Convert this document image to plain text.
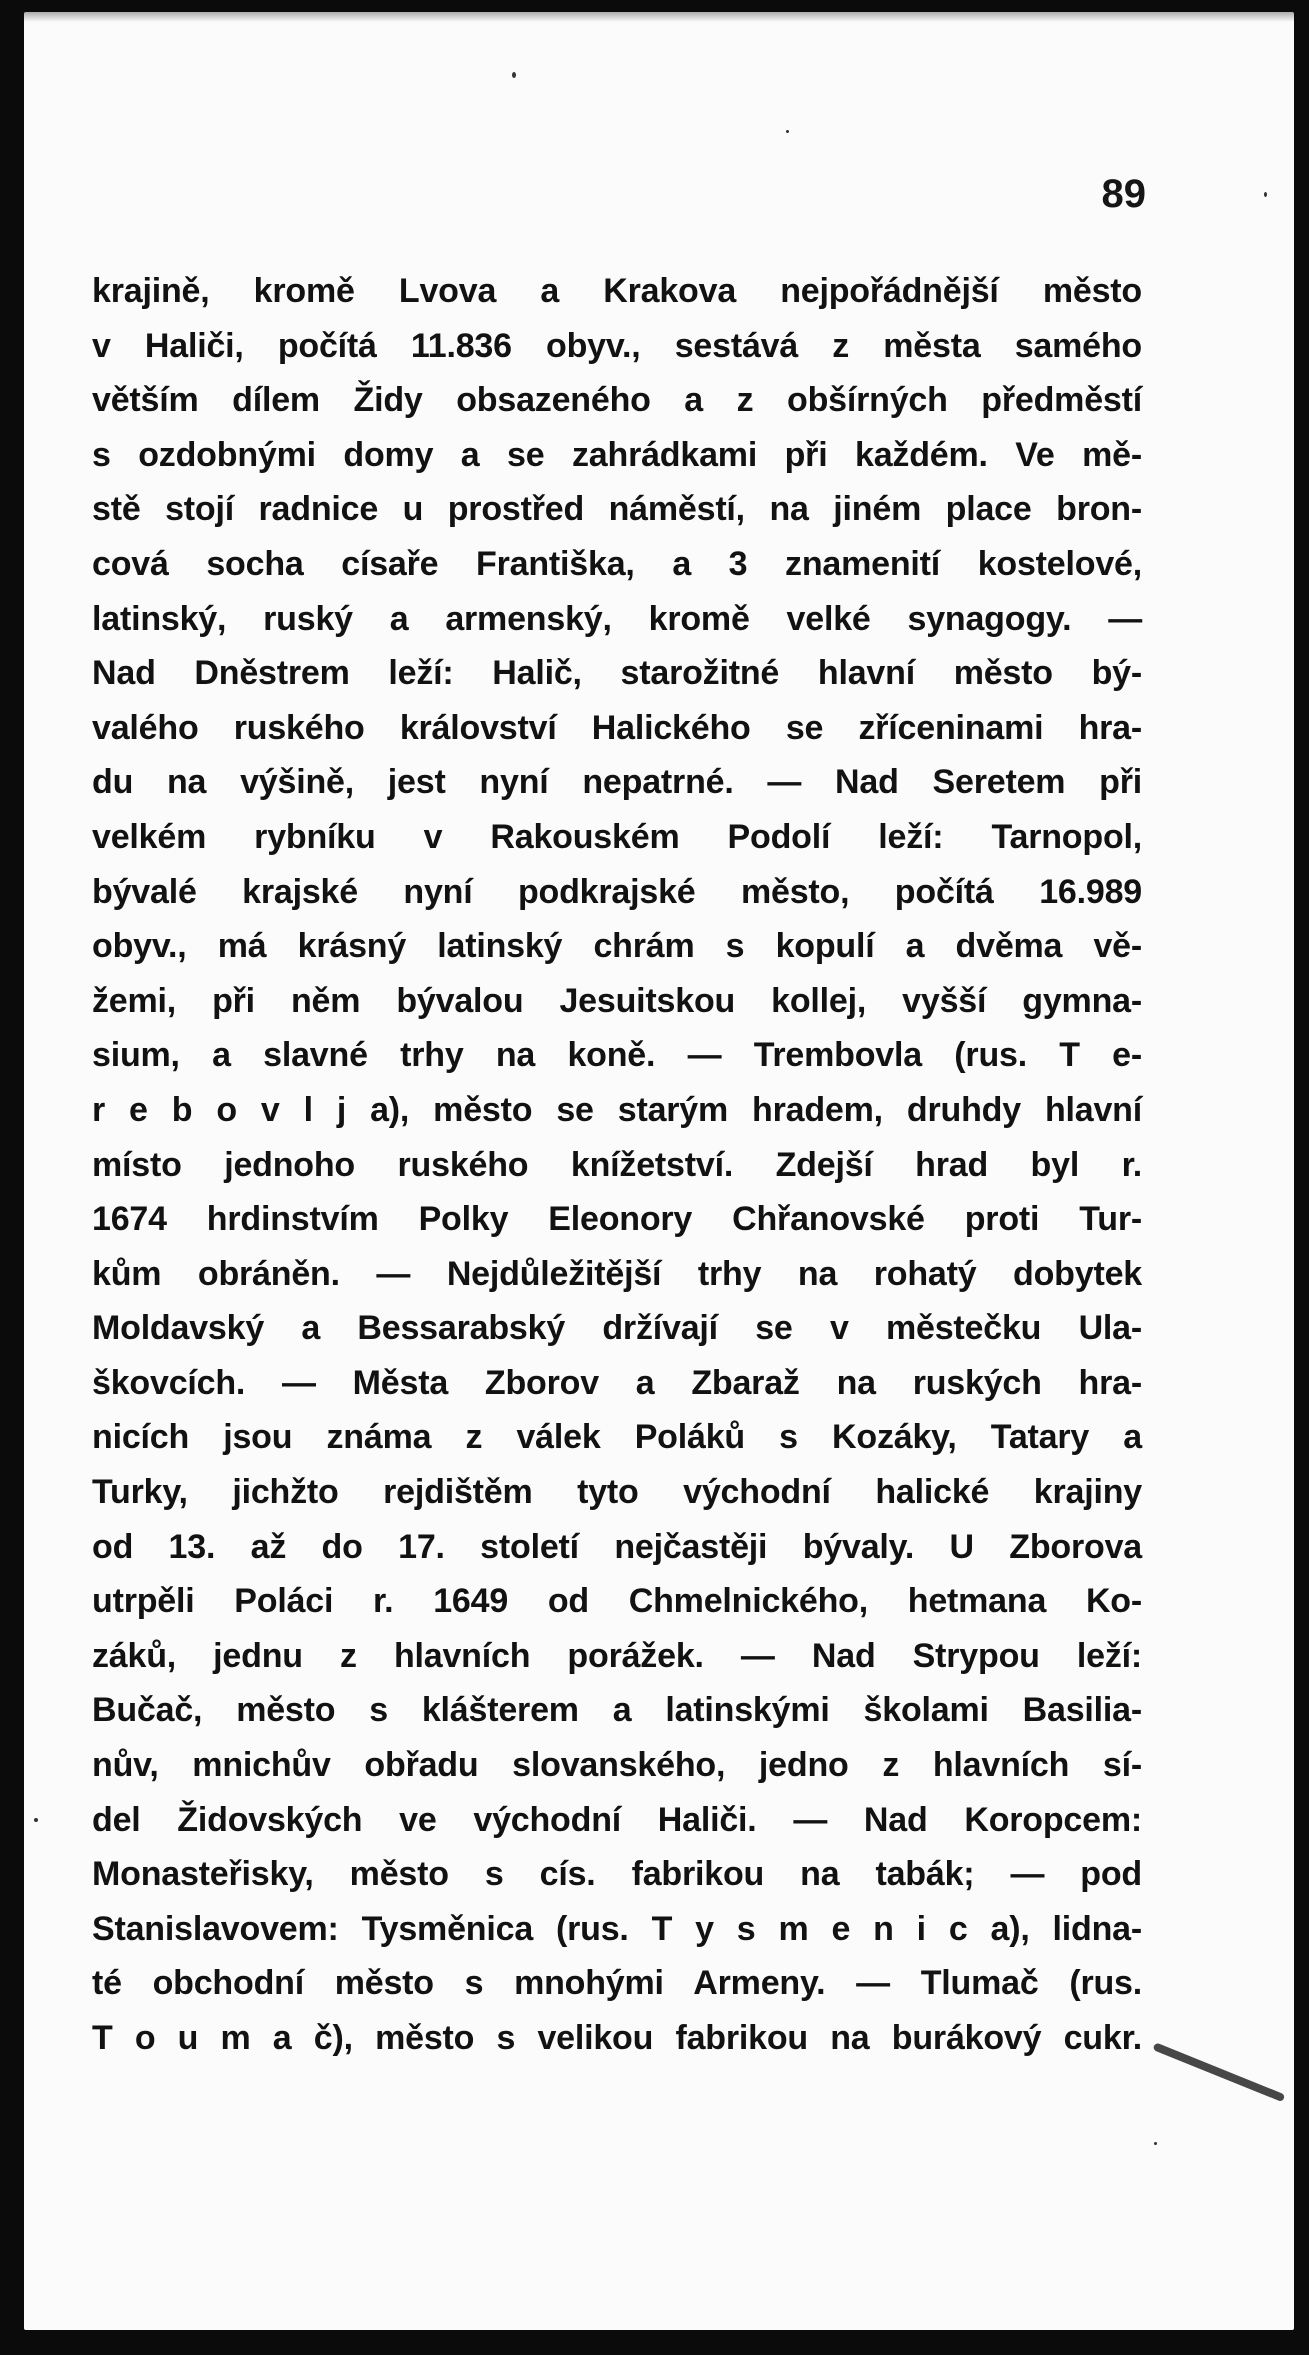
89

krajině, kromě Lvova a Krakova nejpořádnější město
v Haliči, počítá 11.836 obyv., sestává z města samého
větším dílem Židy obsazeného a z obšírných předměstí
s ozdobnými domy a se zahrádkami při každém. Ve mě-
stě stojí radnice u prostřed náměstí, na jiném place bron-
cová socha císaře Františka, a 3 znamenití kostelové,
latinský, ruský a armenský, kromě velké synagogy. —
Nad Dněstrem leží: Halič, starožitné hlavní město bý-
valého ruského království Halického se zříceninami hra-
du na výšině, jest nyní nepatrné. — Nad Seretem při
velkém rybníku v Rakouském Podolí leží: Tarnopol,
bývalé krajské nyní podkrajské město, počítá 16.989
obyv., má krásný latinský chrám s kopulí a dvěma vě-
žemi, při něm bývalou Jesuitskou kollej, vyšší gymna-
sium, a slavné trhy na koně. — Trembovla (rus. T e-
r e b o v l j a), město se starým hradem, druhdy hlavní
místo jednoho ruského knížetství. Zdejší hrad byl r.
1674 hrdinstvím Polky Eleonory Chřanovské proti Tur-
kům obráněn. — Nejdůležitější trhy na rohatý dobytek
Moldavský a Bessarabský držívají se v městečku Ula-
škovcích. — Města Zborov a Zbaraž na ruských hra-
nicích jsou známa z válek Poláků s Kozáky, Tatary a
Turky, jichžto rejdištěm tyto východní halické krajiny
od 13. až do 17. století nejčastěji bývaly. U Zborova
utrpěli Poláci r. 1649 od Chmelnického, hetmana Ko-
záků, jednu z hlavních porážek. — Nad Strypou leží:
Bučač, město s klášterem a latinskými školami Basilia-
nův, mnichův obřadu slovanského, jedno z hlavních sí-
del Židovských ve východní Haliči. — Nad Koropcem:
Monasteřisky, město s cís. fabrikou na tabák; — pod
Stanislavovem: Tysměnica (rus. T y s m e n i c a), lidna-
té obchodní město s mnohými Armeny. — Tlumač (rus.
T o u m a č), město s velikou fabrikou na burákový cukr.
